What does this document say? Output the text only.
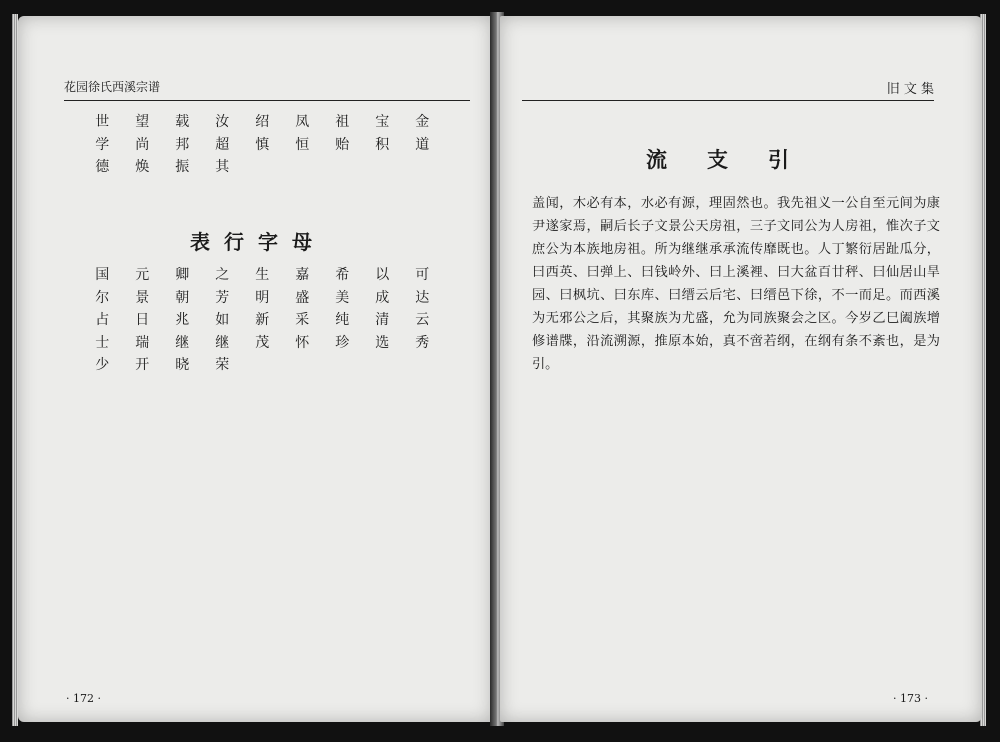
花园徐氏西溪宗谱
世	望	载	汝	绍	凤	祖	宝	金
学	尚	邦	超	慎	恒	贻	积	道
德	焕	振	其
表行字母
国	元	卿	之	生	嘉	希	以	可
尔	景	朝	芳	明	盛	美	成	达
占	日	兆	如	新	采	纯	清	云
士	瑞	继	继	茂	怀	珍	选	秀
少	开	晓	荣
· 172 ·
旧 文 集
流支引
盖闻，木必有本，水必有源，理固然也。我先祖义一公自至元间为康尹遂家焉，嗣后长子文景公天房祖，三子文同公为人房祖，惟次子文庶公为本族地房祖。所为继继承承流传靡既也。人丁繁衍居趾瓜分，曰西英、曰弹上、曰钱岭外、曰上溪裡、曰大盆百廿秤、曰仙居山旱园、曰枫坑、曰东库、曰缙云后宅、曰缙邑下徐，不一而足。而西溪为无邪公之后，其聚族为尤盛，允为同族聚会之区。今岁乙巳阖族增修谱牒，沿流溯源，推原本始，真不啻若纲，在纲有条不紊也，是为引。
· 173 ·
